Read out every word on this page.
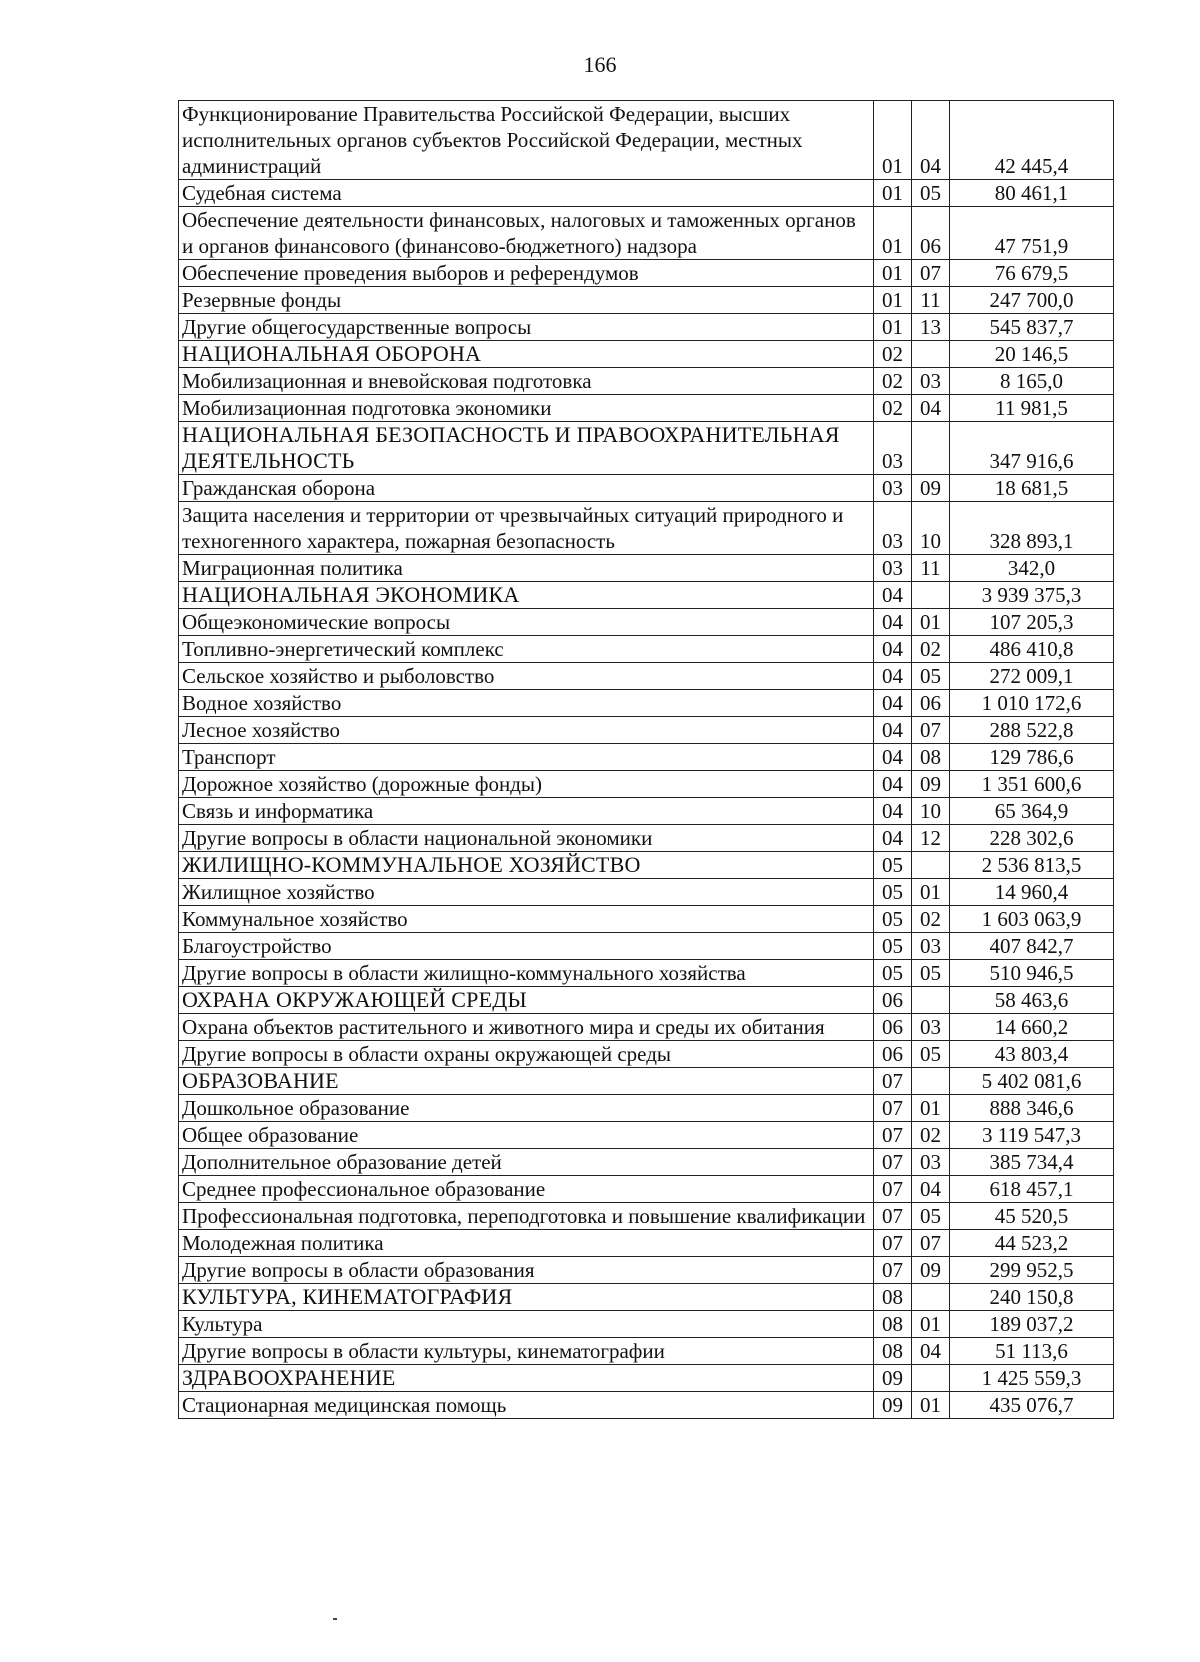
166
Функционирование Правительства Российской Федерации, высших исполнительных органов субъектов Российской Федерации, местных администраций	01	04	42 445,4
Судебная система	01	05	80 461,1
Обеспечение деятельности финансовых, налоговых и таможенных органов и органов финансового (финансово-бюджетного) надзора	01	06	47 751,9
Обеспечение проведения выборов и референдумов	01	07	76 679,5
Резервные фонды	01	11	247 700,0
Другие общегосударственные вопросы	01	13	545 837,7
НАЦИОНАЛЬНАЯ ОБОРОНА	02		20 146,5
Мобилизационная и вневойсковая подготовка	02	03	8 165,0
Мобилизационная подготовка экономики	02	04	11 981,5
НАЦИОНАЛЬНАЯ БЕЗОПАСНОСТЬ И ПРАВООХРАНИТЕЛЬНАЯ ДЕЯТЕЛЬНОСТЬ	03		347 916,6
Гражданская оборона	03	09	18 681,5
Защита населения и территории от чрезвычайных ситуаций природного и техногенного характера, пожарная безопасность	03	10	328 893,1
Миграционная политика	03	11	342,0
НАЦИОНАЛЬНАЯ ЭКОНОМИКА	04		3 939 375,3
Общеэкономические вопросы	04	01	107 205,3
Топливно-энергетический комплекс	04	02	486 410,8
Сельское хозяйство и рыболовство	04	05	272 009,1
Водное хозяйство	04	06	1 010 172,6
Лесное хозяйство	04	07	288 522,8
Транспорт	04	08	129 786,6
Дорожное хозяйство (дорожные фонды)	04	09	1 351 600,6
Связь и информатика	04	10	65 364,9
Другие вопросы в области национальной экономики	04	12	228 302,6
ЖИЛИЩНО-КОММУНАЛЬНОЕ ХОЗЯЙСТВО	05		2 536 813,5
Жилищное хозяйство	05	01	14 960,4
Коммунальное хозяйство	05	02	1 603 063,9
Благоустройство	05	03	407 842,7
Другие вопросы в области жилищно-коммунального хозяйства	05	05	510 946,5
ОХРАНА ОКРУЖАЮЩЕЙ СРЕДЫ	06		58 463,6
Охрана объектов растительного и животного мира и среды их обитания	06	03	14 660,2
Другие вопросы в области охраны окружающей среды	06	05	43 803,4
ОБРАЗОВАНИЕ	07		5 402 081,6
Дошкольное образование	07	01	888 346,6
Общее образование	07	02	3 119 547,3
Дополнительное образование детей	07	03	385 734,4
Среднее профессиональное образование	07	04	618 457,1
Профессиональная подготовка, переподготовка и повышение квалификации	07	05	45 520,5
Молодежная политика	07	07	44 523,2
Другие вопросы в области образования	07	09	299 952,5
КУЛЬТУРА, КИНЕМАТОГРАФИЯ	08		240 150,8
Культура	08	01	189 037,2
Другие вопросы в области культуры, кинематографии	08	04	51 113,6
ЗДРАВООХРАНЕНИЕ	09		1 425 559,3
Стационарная медицинская помощь	09	01	435 076,7
